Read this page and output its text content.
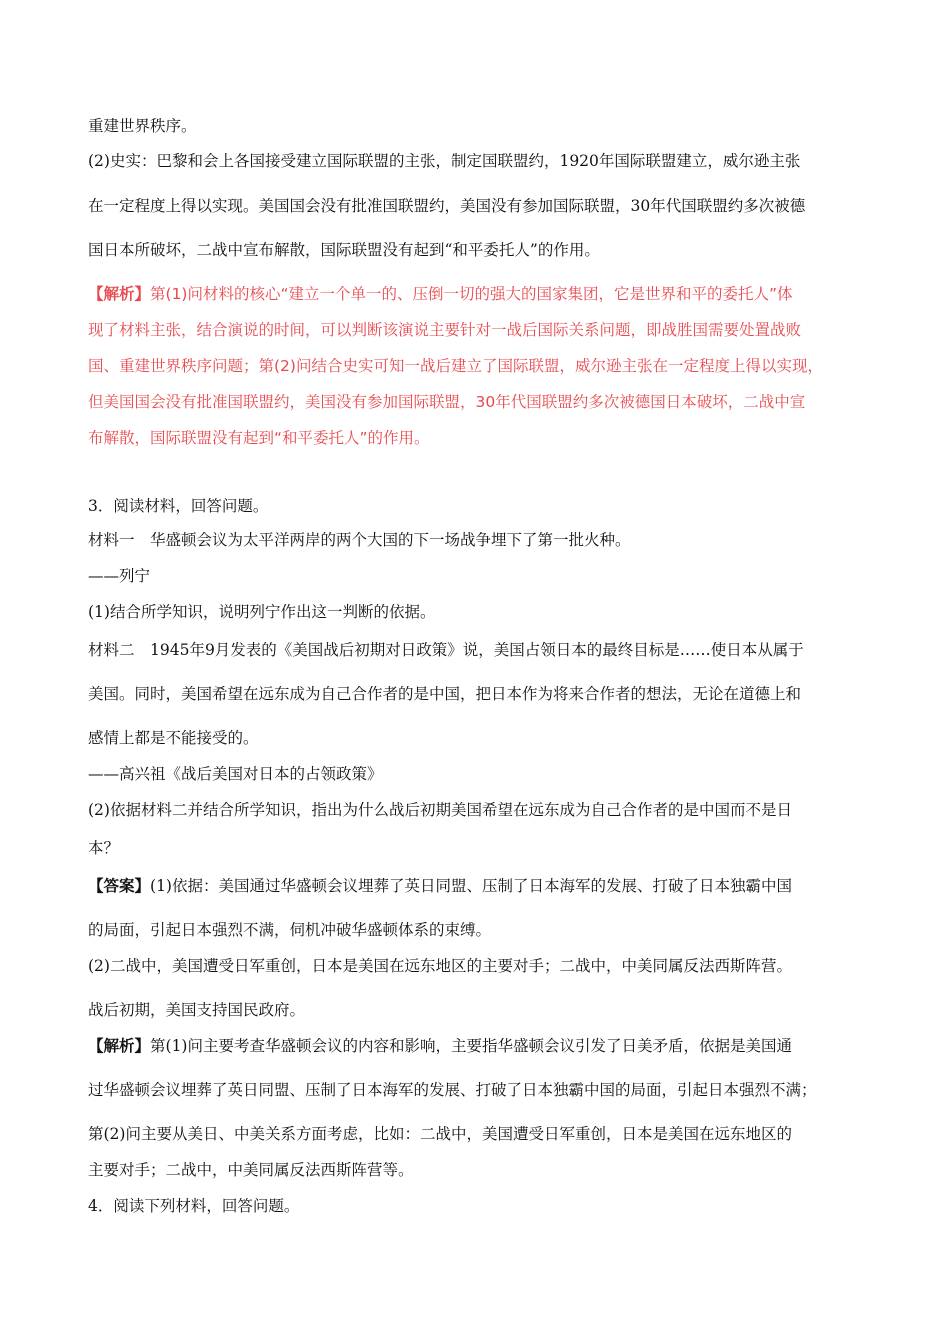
重建世界秩序。
(2)史实：巴黎和会上各国接受建立国际联盟的主张，制定国联盟约，1920年国际联盟建立，威尔逊主张
在一定程度上得以实现。美国国会没有批准国联盟约，美国没有参加国际联盟，30年代国联盟约多次被德
国日本所破坏，二战中宣布解散，国际联盟没有起到“和平委托人”的作用。
【解析】第(1)问材料的核心“建立一个单一的、压倒一切的强大的国家集团，它是世界和平的委托人”体
现了材料主张，结合演说的时间，可以判断该演说主要针对一战后国际关系问题，即战胜国需要处置战败
国、重建世界秩序问题；第(2)问结合史实可知一战后建立了国际联盟，威尔逊主张在一定程度上得以实现，
但美国国会没有批准国联盟约，美国没有参加国际联盟，30年代国联盟约多次被德国日本破坏，二战中宣
布解散，国际联盟没有起到“和平委托人”的作用。
3．阅读材料，回答问题。
材料一　华盛顿会议为太平洋两岸的两个大国的下一场战争埋下了第一批火种。
——列宁
(1)结合所学知识，说明列宁作出这一判断的依据。
材料二　1945年9月发表的《美国战后初期对日政策》说，美国占领日本的最终目标是……使日本从属于
美国。同时，美国希望在远东成为自己合作者的是中国，把日本作为将来合作者的想法，无论在道德上和
感情上都是不能接受的。
——高兴祖《战后美国对日本的占领政策》
(2)依据材料二并结合所学知识，指出为什么战后初期美国希望在远东成为自己合作者的是中国而不是日
本？
【答案】(1)依据：美国通过华盛顿会议埋葬了英日同盟、压制了日本海军的发展、打破了日本独霸中国
的局面，引起日本强烈不满，伺机冲破华盛顿体系的束缚。
(2)二战中，美国遭受日军重创，日本是美国在远东地区的主要对手；二战中，中美同属反法西斯阵营。
战后初期，美国支持国民政府。
【解析】第(1)问主要考查华盛顿会议的内容和影响，主要指华盛顿会议引发了日美矛盾，依据是美国通
过华盛顿会议埋葬了英日同盟、压制了日本海军的发展、打破了日本独霸中国的局面，引起日本强烈不满；
第(2)问主要从美日、中美关系方面考虑，比如：二战中，美国遭受日军重创，日本是美国在远东地区的
主要对手；二战中，中美同属反法西斯阵营等。
4．阅读下列材料，回答问题。
